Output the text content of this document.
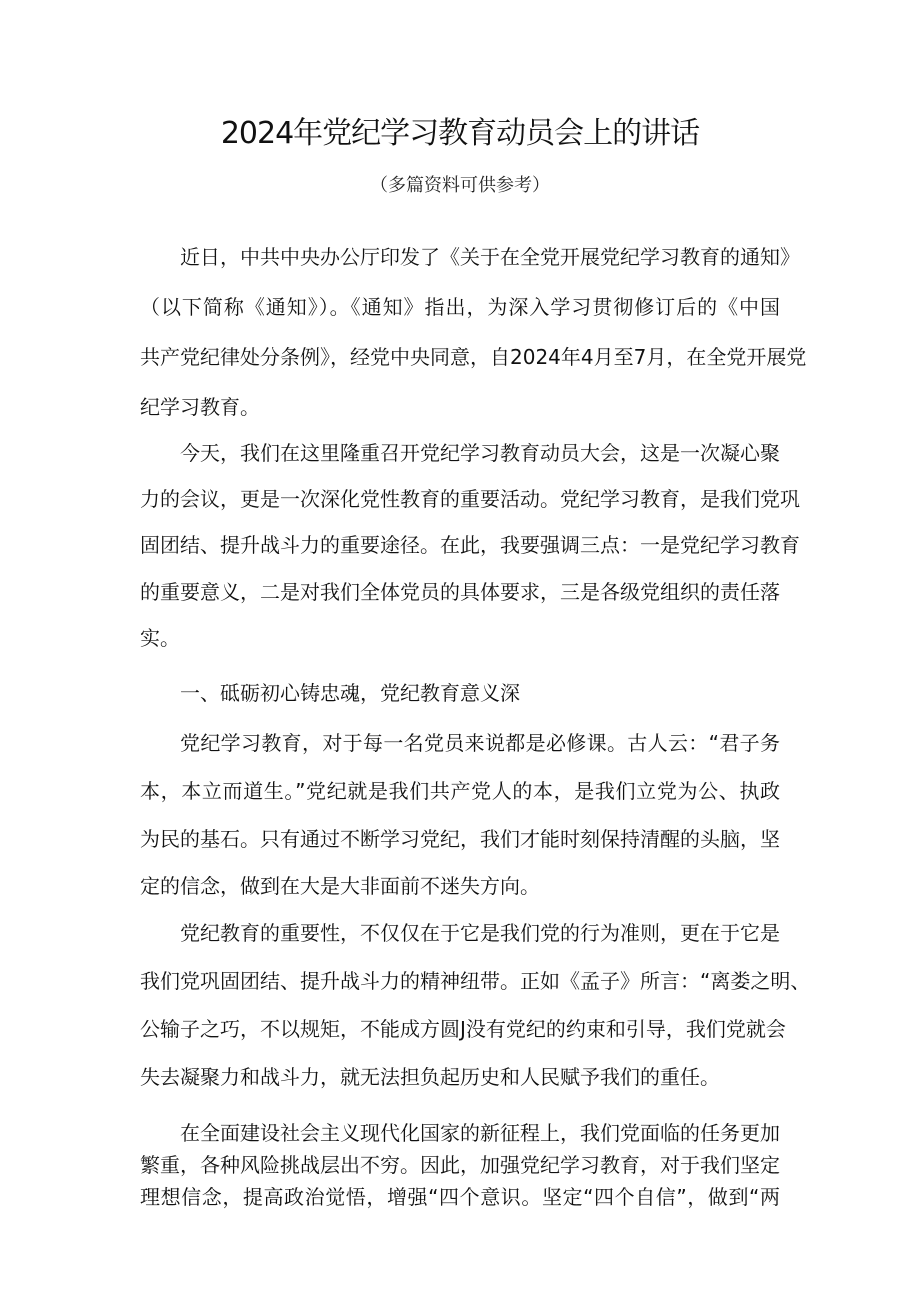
2024年党纪学习教育动员会上的讲话
（多篇资料可供参考）
近日，中共中央办公厅印发了《关于在全党开展党纪学习教育的通知》
（以下简称《通知》）。《通知》指出，为深入学习贯彻修订后的《中国
共产党纪律处分条例》，经党中央同意，自2024年4月至7月，在全党开展党
纪学习教育。
今天，我们在这里隆重召开党纪学习教育动员大会，这是一次凝心聚
力的会议，更是一次深化党性教育的重要活动。党纪学习教育，是我们党巩
固团结、提升战斗力的重要途径。在此，我要强调三点：一是党纪学习教育
的重要意义，二是对我们全体党员的具体要求，三是各级党组织的责任落
实。
一、砥砺初心铸忠魂，党纪教育意义深
党纪学习教育，对于每一名党员来说都是必修课。古人云：“君子务
本，本立而道生。”党纪就是我们共产党人的本，是我们立党为公、执政
为民的基石。只有通过不断学习党纪，我们才能时刻保持清醒的头脑，坚
定的信念，做到在大是大非面前不迷失方向。
党纪教育的重要性，不仅仅在于它是我们党的行为准则，更在于它是
我们党巩固团结、提升战斗力的精神纽带。正如《孟子》所言：“离娄之明、
公输子之巧，不以规矩，不能成方圆J没有党纪的约束和引导，我们党就会
失去凝聚力和战斗力，就无法担负起历史和人民赋予我们的重任。
在全面建设社会主义现代化国家的新征程上，我们党面临的任务更加
繁重，各种风险挑战层出不穷。因此，加强党纪学习教育，对于我们坚定
理想信念，提高政治觉悟，增强“四个意识。坚定“四个自信”，做到“两
